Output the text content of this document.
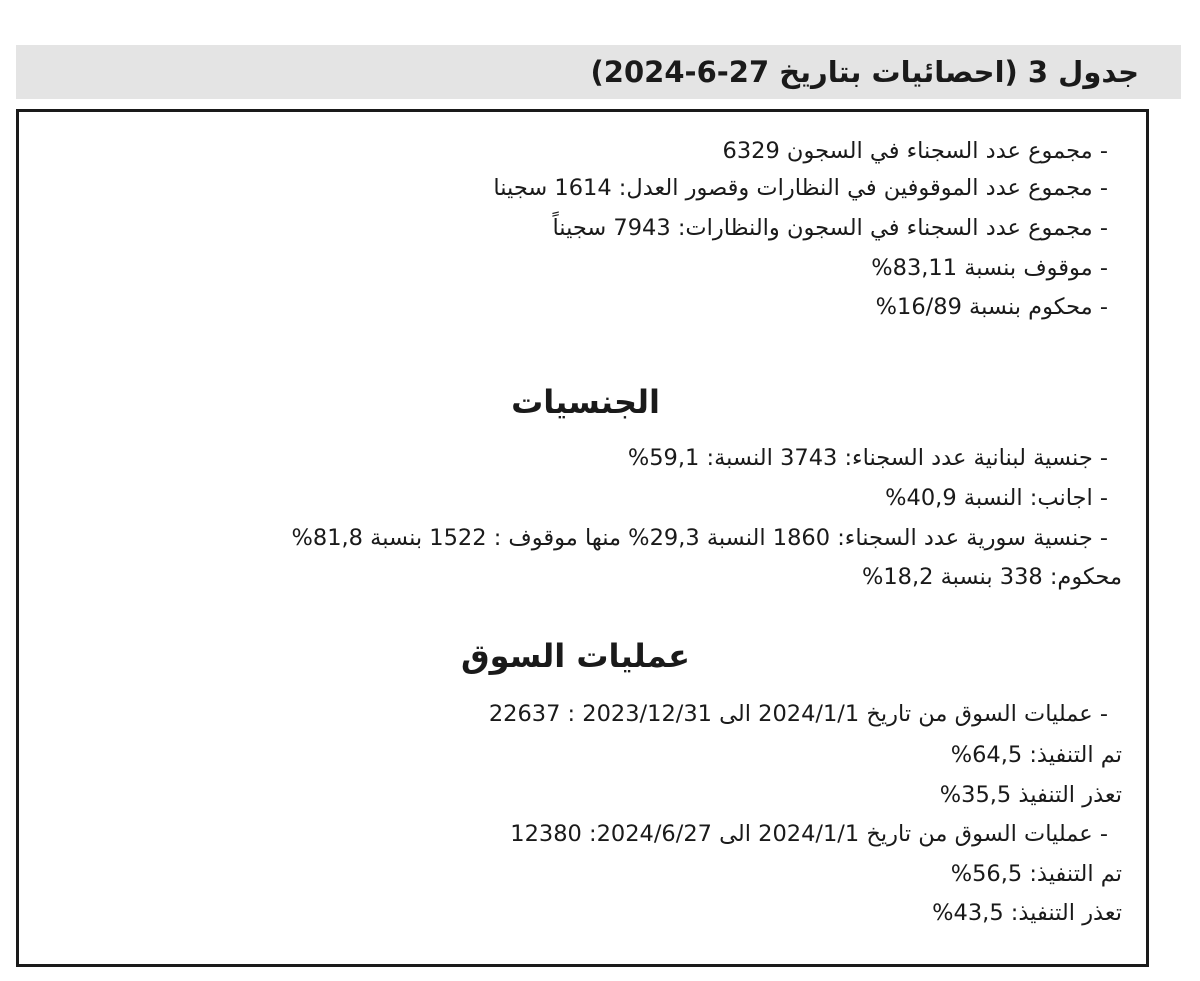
جدول 3 (احصائيات بتاريخ 27-6-2024)
- مجموع عدد السجناء في السجون 6329
- مجموع عدد الموقوفين في النظارات وقصور العدل: 1614 سجينا
- مجموع عدد السجناء في السجون والنظارات: 7943 سجيناً
- موقوف بنسبة 83,11%
- محكوم بنسبة 16/89%
الجنسيات
- جنسية لبنانية عدد السجناء: 3743 النسبة: 59,1%
- اجانب: النسبة 40,9%
- جنسية سورية عدد السجناء: 1860 النسبة 29,3% منها موقوف : 1522 بنسبة 81,8%
محكوم: 338 بنسبة 18,2%
عمليات السوق
- عمليات السوق من تاريخ 2024/1/1 الى 2023/12/31 : 22637
تم التنفيذ: 64,5%
تعذر التنفيذ 35,5%
- عمليات السوق من تاريخ 2024/1/1 الى 2024/6/27: 12380
تم التنفيذ: 56,5%
تعذر التنفيذ: 43,5%
